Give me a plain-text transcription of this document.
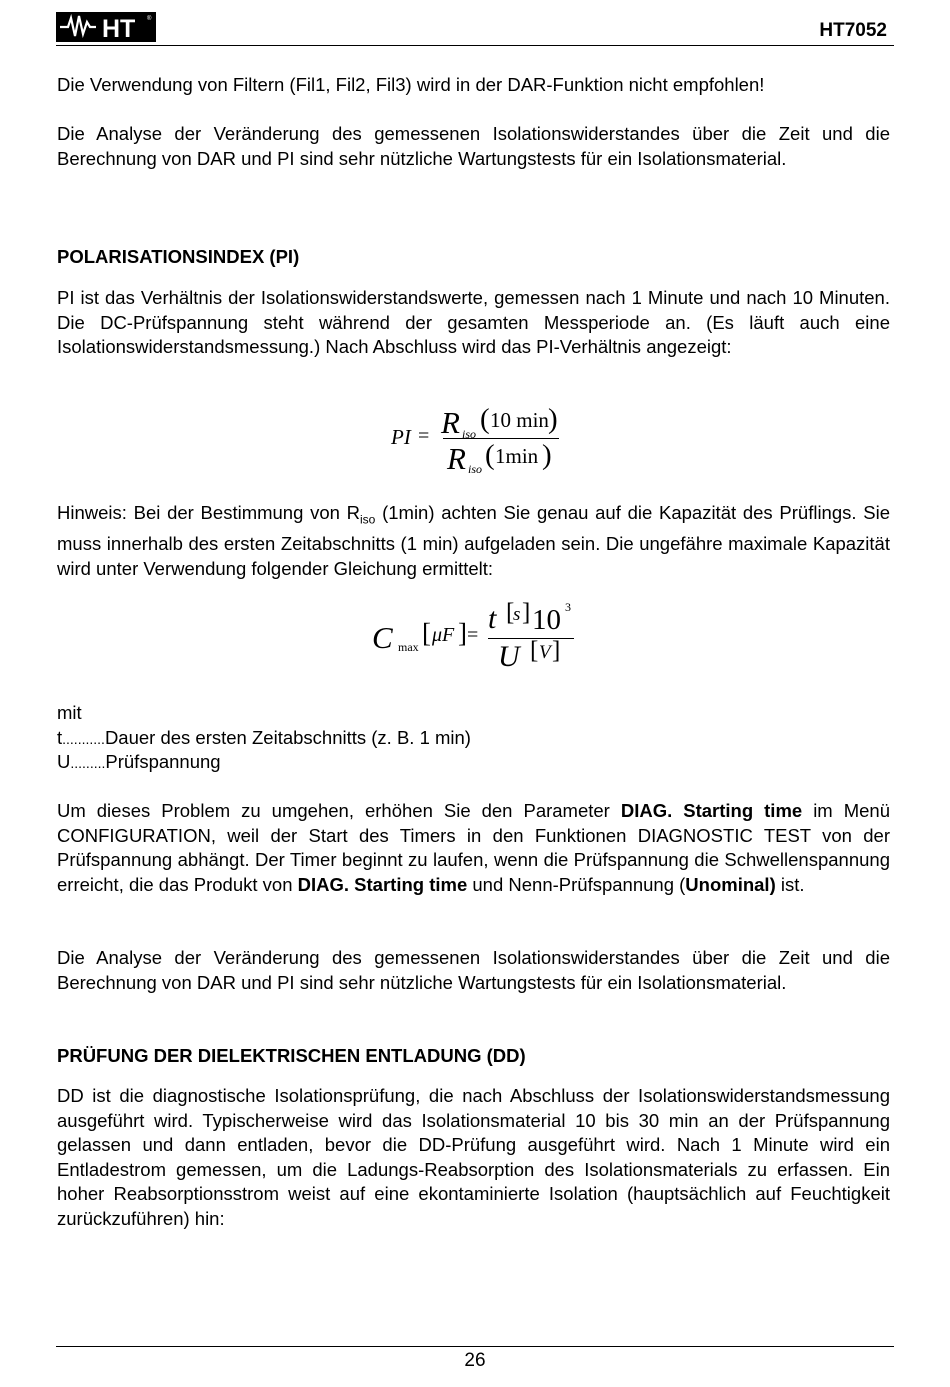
HT ®
HT7052
Die Verwendung von Filtern (Fil1, Fil2, Fil3) wird in der DAR-Funktion nicht empfohlen!
Die Analyse der Veränderung des gemessenen Isolationswiderstandes über die Zeit und die Berechnung von DAR und PI sind sehr nützliche Wartungstests für ein Isolationsmaterial.
POLARISATIONSINDEX (PI)
PI ist das Verhältnis der Isolationswiderstandswerte, gemessen nach 1 Minute und nach 10 Minuten. Die DC-Prüfspannung steht während der gesamten Messperiode an. (Es läuft auch eine Isolationswiderstandsmessung.) Nach Abschluss wird das PI-Verhältnis angezeigt:
PI = R iso ( 10 min )
R iso ( 1min )
Hinweis: Bei der Bestimmung von $R_{iso}$ (1min) achten Sie genau auf die Kapazität des Prüflings. Sie muss innerhalb des ersten Zeitabschnitts (1 min) aufgeladen sein. Die ungefähre maximale Kapazität wird unter Verwendung folgender Gleichung ermittelt:
C max [ μF ] = t [
s ] 10 3
U [ V ]
mit
t...........Dauer des ersten Zeitabschnitts (z. B. 1 min)
U.........Prüfspannung
Um dieses Problem zu umgehen, erhöhen Sie den Parameter DIAG. Starting time im Menü CONFIGURATION, weil der Start des Timers in den Funktionen DIAGNOSTIC TEST von der Prüfspannung abhängt. Der Timer beginnt zu laufen, wenn die Prüfspannung die Schwellenspannung erreicht, die das Produkt von DIAG. Starting time und Nenn-Prüfspannung (Unominal) ist.
Die Analyse der Veränderung des gemessenen Isolationswiderstandes über die Zeit und die Berechnung von DAR und PI sind sehr nützliche Wartungstests für ein Isolationsmaterial.
PRÜFUNG DER DIELEKTRISCHEN ENTLADUNG (DD)
DD ist die diagnostische Isolationsprüfung, die nach Abschluss der Isolationswiderstandsmessung ausgeführt wird. Typischerweise wird das Isolationsmaterial 10 bis 30 min an der Prüfspannung gelassen und dann entladen, bevor die DD-Prüfung ausgeführt wird. Nach 1 Minute wird ein Entladestrom gemessen, um die Ladungs-Reabsorption des Isolationsmaterials zu erfassen. Ein hoher Reabsorptionsstrom weist auf eine ekontaminierte Isolation (hauptsächlich auf Feuchtigkeit zurückzuführen) hin:
26
